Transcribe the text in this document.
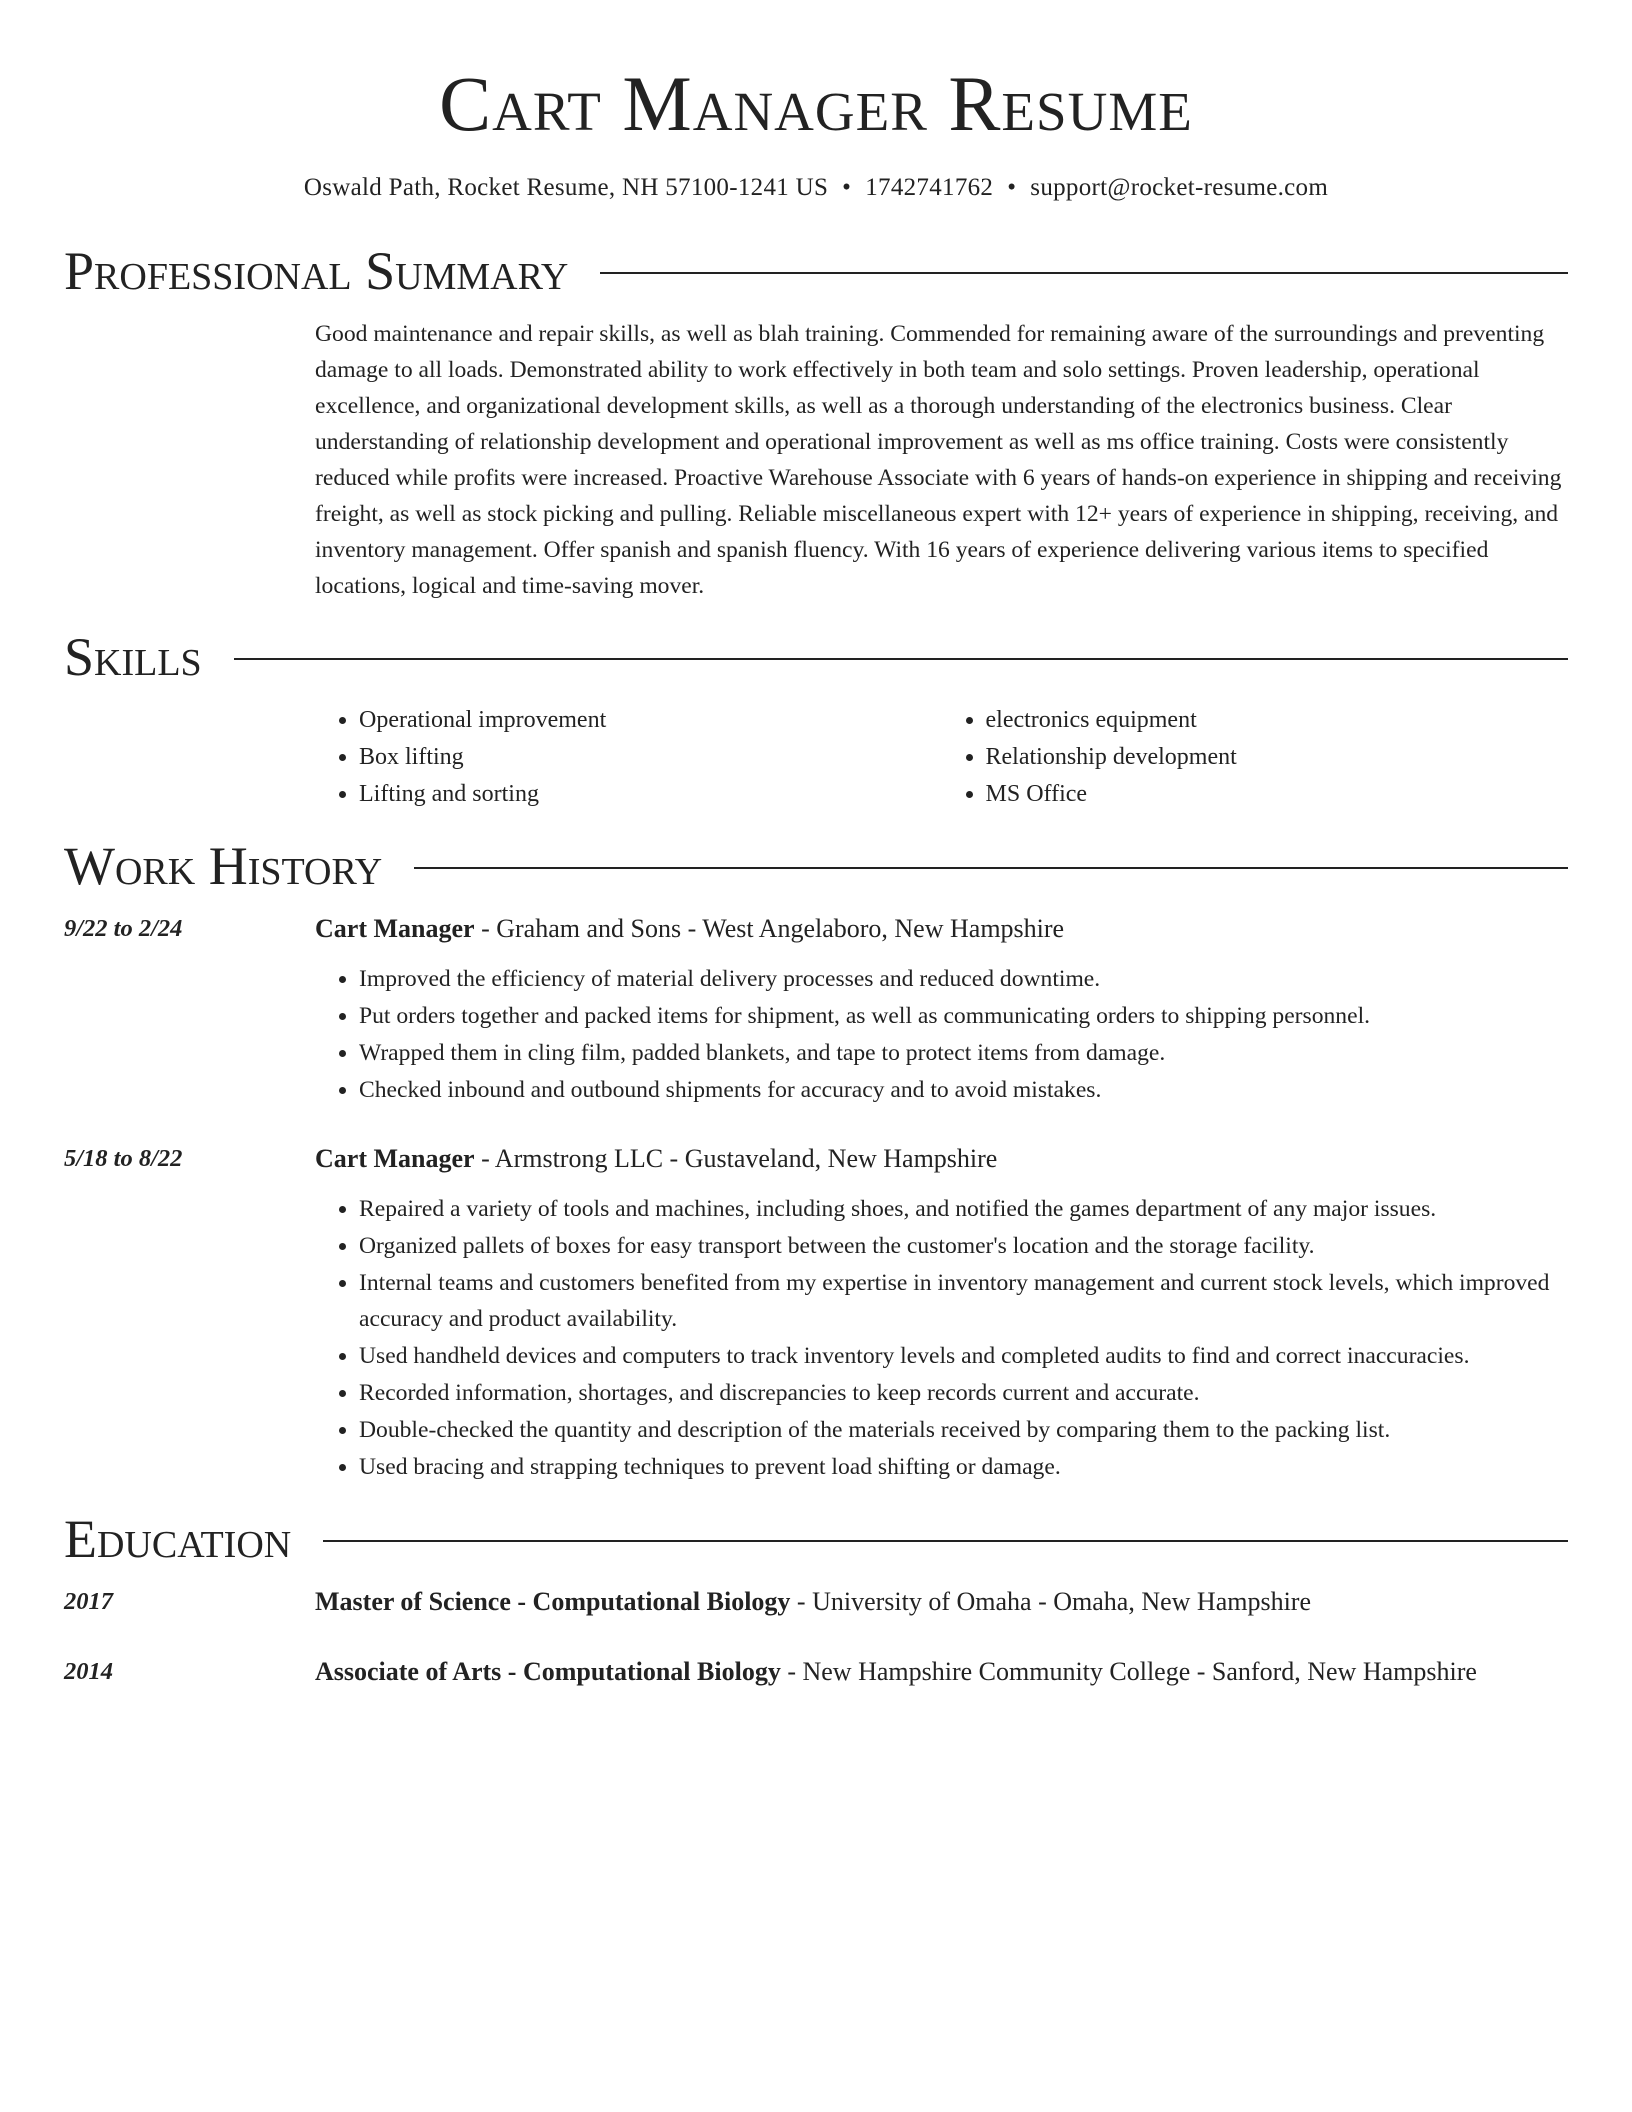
Cart Manager Resume
Oswald Path, Rocket Resume, NH 57100-1241 US • 1742741762 • support@rocket-resume.com
Professional Summary
Good maintenance and repair skills, as well as blah training. Commended for remaining aware of the surroundings and preventing damage to all loads. Demonstrated ability to work effectively in both team and solo settings. Proven leadership, operational excellence, and organizational development skills, as well as a thorough understanding of the electronics business. Clear understanding of relationship development and operational improvement as well as ms office training. Costs were consistently reduced while profits were increased. Proactive Warehouse Associate with 6 years of hands-on experience in shipping and receiving freight, as well as stock picking and pulling. Reliable miscellaneous expert with 12+ years of experience in shipping, receiving, and inventory management. Offer spanish and spanish fluency. With 16 years of experience delivering various items to specified locations, logical and time-saving mover.
Skills
• Operational improvement
• Box lifting
• Lifting and sorting
• electronics equipment
• Relationship development
• MS Office
Work History
9/22 to 2/24	Cart Manager - Graham and Sons - West Angelaboro, New Hampshire
• Improved the efficiency of material delivery processes and reduced downtime.
• Put orders together and packed items for shipment, as well as communicating orders to shipping personnel.
• Wrapped them in cling film, padded blankets, and tape to protect items from damage.
• Checked inbound and outbound shipments for accuracy and to avoid mistakes.
5/18 to 8/22	Cart Manager - Armstrong LLC - Gustaveland, New Hampshire
• Repaired a variety of tools and machines, including shoes, and notified the games department of any major issues.
• Organized pallets of boxes for easy transport between the customer's location and the storage facility.
• Internal teams and customers benefited from my expertise in inventory management and current stock levels, which improved accuracy and product availability.
• Used handheld devices and computers to track inventory levels and completed audits to find and correct inaccuracies.
• Recorded information, shortages, and discrepancies to keep records current and accurate.
• Double-checked the quantity and description of the materials received by comparing them to the packing list.
• Used bracing and strapping techniques to prevent load shifting or damage.
Education
2017	Master of Science - Computational Biology - University of Omaha - Omaha, New Hampshire
2014	Associate of Arts - Computational Biology - New Hampshire Community College - Sanford, New Hampshire
